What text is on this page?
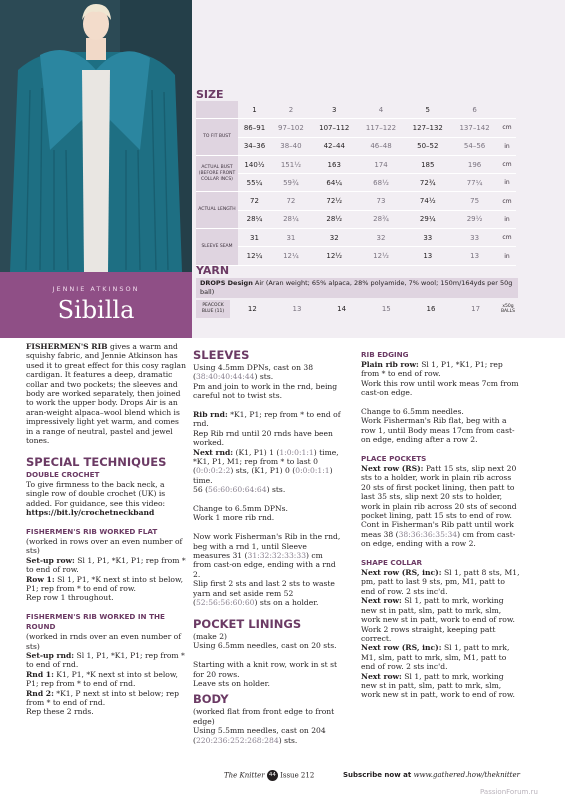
JENNIE ATKINSON
Sibilla
SIZE
	1	2	3	4	5	6	
TO FIT BUST	86–91	97–102	107–112	117–122	127–132	137–142	cm
	34–36	38–40	42–44	46–48	50–52	54–56	in
ACTUAL BUST (BEFORE FRONT COLLAR INCS)	140½	151½	163	174	185	196	cm
	55¼	59¾	64¼	68½	72¾	77¼	in
ACTUAL LENGTH	72	72	72½	73	74½	75	cm
	28¼	28¼	28½	28¾	29¼	29½	in
SLEEVE SEAM	31	31	32	32	33	33	cm
	12¼	12¼	12½	12½	13	13	in
YARN
DROPS Design Air (Aran weight; 65% alpaca, 28% polyamide, 7% wool; 150m/164yds per 50g ball)
PEACOCK BLUE (11)	12	13	14	15	16	17	x50g BALLS

FISHERMEN'S RIB gives a warm and squishy fabric, and Jennie Atkinson has used it to great effect for this cosy raglan cardigan. It features a deep, dramatic collar and two pockets; the sleeves and body are worked separately, then joined to work the upper body. Drops Air is an aran-weight alpaca–wool blend which is impressively light yet warm, and comes in a range of neutral, pastel and jewel tones.

SPECIAL TECHNIQUES
DOUBLE CROCHET

To give firmness to the back neck, a single row of double crochet (UK) is added. For guidance, see this video:

https://bit.ly/crochetneckband

FISHERMEN'S RIB WORKED FLAT

(worked in rows over an even number of sts)

Set-up row: Sl 1, P1, *K1, P1; rep from * to end of row.

Row 1: Sl 1, P1, *K next st into st below, P1; rep from * to end of row.

Rep row 1 throughout.

FISHERMEN'S RIB WORKED IN THE ROUND

(worked in rnds over an even number of sts)

Set-up rnd: Sl 1, P1, *K1, P1; rep from * to end of rnd.

Rnd 1: K1, P1, *K next st into st below, P1; rep from * to end of rnd.

Rnd 2: *K1, P next st into st below; rep from * to end of rnd.

Rep these 2 rnds.

SLEEVES

Using 4.5mm DPNs, cast on 38 (38:40:40:44:44) sts.

Pm and join to work in the rnd, being careful not to twist sts.

Rib rnd: *K1, P1; rep from * to end of rnd.

Rep Rib rnd until 20 rnds have been worked.

Next rnd: (K1, P1) 1 (1:0:0:1:1) time, *K1, P1, M1; rep from * to last 0 (0:0:0:2:2) sts, (K1, P1) 0 (0:0:0:1:1) time.

56 (56:60:60:64:64) sts.

Change to 6.5mm DPNs.

Work 1 more rib rnd.

Now work Fisherman's Rib in the rnd, beg with a rnd 1, until Sleeve measures 31 (31:32:32:33:33) cm from cast-on edge, ending with a rnd 2.

Slip first 2 sts and last 2 sts to waste yarn and set aside rem 52 (52:56:56:60:60) sts on a holder.

POCKET LININGS

(make 2)

Using 6.5mm needles, cast on 20 sts.

Starting with a knit row, work in st st for 20 rows.

Leave sts on holder.

BODY

(worked flat from front edge to front edge)

Using 5.5mm needles, cast on 204 (220:236:252:268:284) sts.

RIB EDGING

Plain rib row: Sl 1, P1, *K1, P1; rep from * to end of row.

Work this row until work meas 7cm from cast-on edge.

Change to 6.5mm needles.

Work Fisherman's Rib flat, beg with a row 1, until Body meas 17cm from cast-on edge, ending after a row 2.

PLACE POCKETS

Next row (RS): Patt 15 sts, slip next 20 sts to a holder, work in plain rib across 20 sts of first pocket lining, then patt to last 35 sts, slip next 20 sts to holder, work in plain rib across 20 sts of second pocket lining, patt 15 sts to end of row.

Cont in Fisherman's Rib patt until work meas 38 (38:36:36:35:34) cm from cast-on edge, ending with a row 2.

SHAPE COLLAR

Next row (RS, inc): Sl 1, patt 8 sts, M1, pm, patt to last 9 sts, pm, M1, patt to end of row. 2 sts inc'd.

Next row: Sl 1, patt to mrk, working new st in patt, slm, patt to mrk, slm, work new st in patt, work to end of row.

Work 2 rows straight, keeping patt correct.

Next row (RS, inc): Sl 1, patt to mrk, M1, slm, patt to mrk, slm, M1, patt to end of row. 2 sts inc'd.

Next row: Sl 1, patt to mrk, working new st in patt, slm, patt to mrk, slm, work new st in patt, work to end of row.

The Knitter 44 Issue 212	Subscribe now at www.gathered.how/theknitter
PassionForum.ru
